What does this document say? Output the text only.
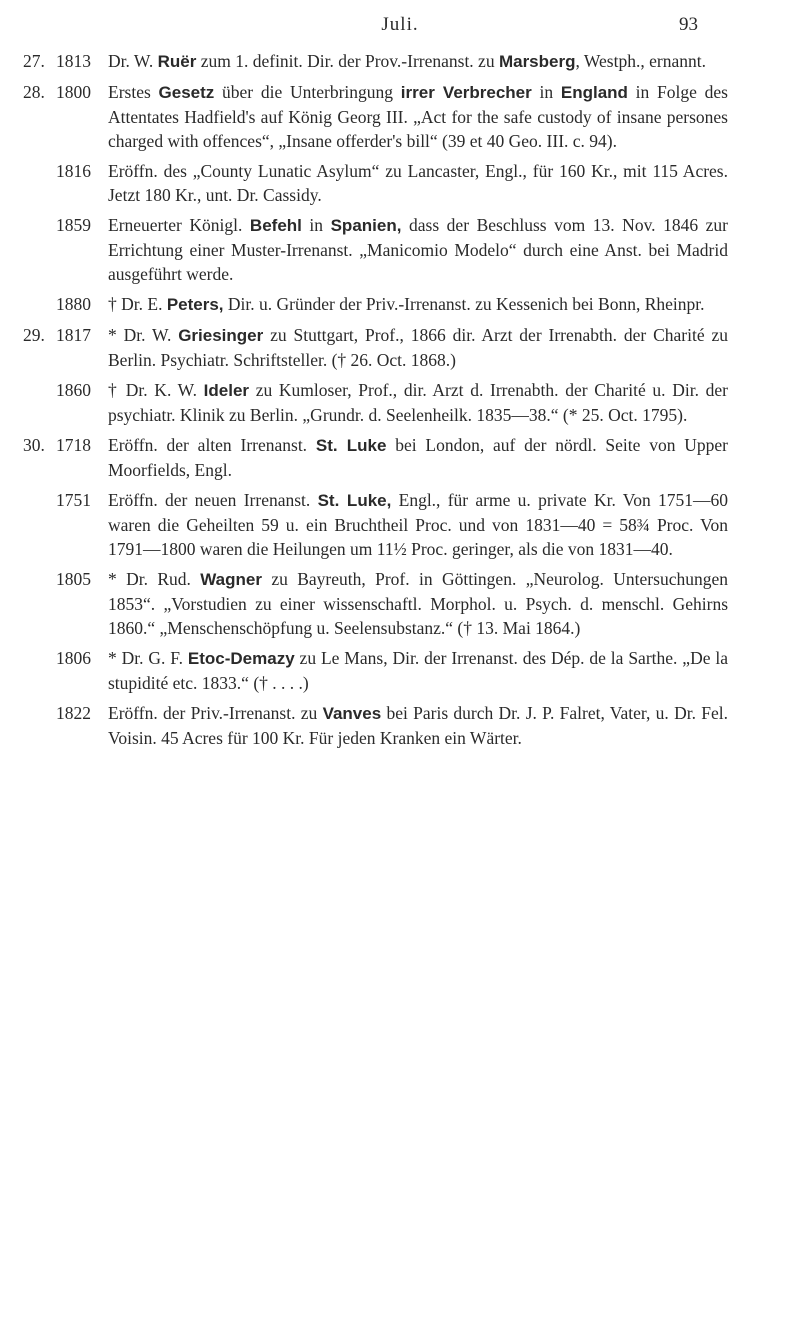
Juli.	93
27. 1813 Dr. W. Ruër zum 1. definit. Dir. der Prov.-Irrenanst. zu Marsberg, Westph., ernannt.
28. 1800 Erstes Gesetz über die Unterbringung irrer Verbrecher in England in Folge des Attentates Hadfield's auf König Georg III. „Act for the safe custody of insane persones charged with offences“, „Insane offerder's bill“ (39 et 40 Geo. III. c. 94).
1816 Eröffn. des „County Lunatic Asylum“ zu Lancaster, Engl., für 160 Kr., mit 115 Acres. Jetzt 180 Kr., unt. Dr. Cassidy.
1859 Erneuerter Königl. Befehl in Spanien, dass der Beschluss vom 13. Nov. 1846 zur Errichtung einer Muster-Irrenanst. „Manicomio Modelo“ durch eine Anst. bei Madrid ausgeführt werde.
1880 † Dr. E. Peters, Dir. u. Gründer der Priv.-Irrenanst. zu Kessenich bei Bonn, Rheinpr.
29. 1817 * Dr. W. Griesinger zu Stuttgart, Prof., 1866 dir. Arzt der Irrenabth. der Charité zu Berlin. Psychiatr. Schriftsteller. († 26. Oct. 1868.)
1860 † Dr. K. W. Ideler zu Kumloser, Prof., dir. Arzt d. Irrenabth. der Charité u. Dir. der psychiatr. Klinik zu Berlin. „Grundr. d. Seelenheilk. 1835—38.“ (* 25. Oct. 1795).
30. 1718 Eröffn. der alten Irrenanst. St. Luke bei London, auf der nördl. Seite von Upper Moorfields, Engl.
1751 Eröffn. der neuen Irrenanst. St. Luke, Engl., für arme u. private Kr. Von 1751—60 waren die Geheilten 59 u. ein Bruchtheil Proc. und von 1831—40 = 58¾ Proc. Von 1791—1800 waren die Heilungen um 11½ Proc. geringer, als die von 1831—40.
1805 * Dr. Rud. Wagner zu Bayreuth, Prof. in Göttingen. „Neurolog. Untersuchungen 1853“. „Vorstudien zu einer wissenschaftl. Morphol. u. Psych. d. menschl. Gehirns 1860.“ „Menschenschöpfung u. Seelensubstanz.“ († 13. Mai 1864.)
1806 * Dr. G. F. Etoc-Demazy zu Le Mans, Dir. der Irrenanst. des Dép. de la Sarthe. „De la stupidité etc. 1833.“ († . . . .)
1822 Eröffn. der Priv.-Irrenanst. zu Vanves bei Paris durch Dr. J. P. Falret, Vater, u. Dr. Fel. Voisin. 45 Acres für 100 Kr. Für jeden Kranken ein Wärter.
